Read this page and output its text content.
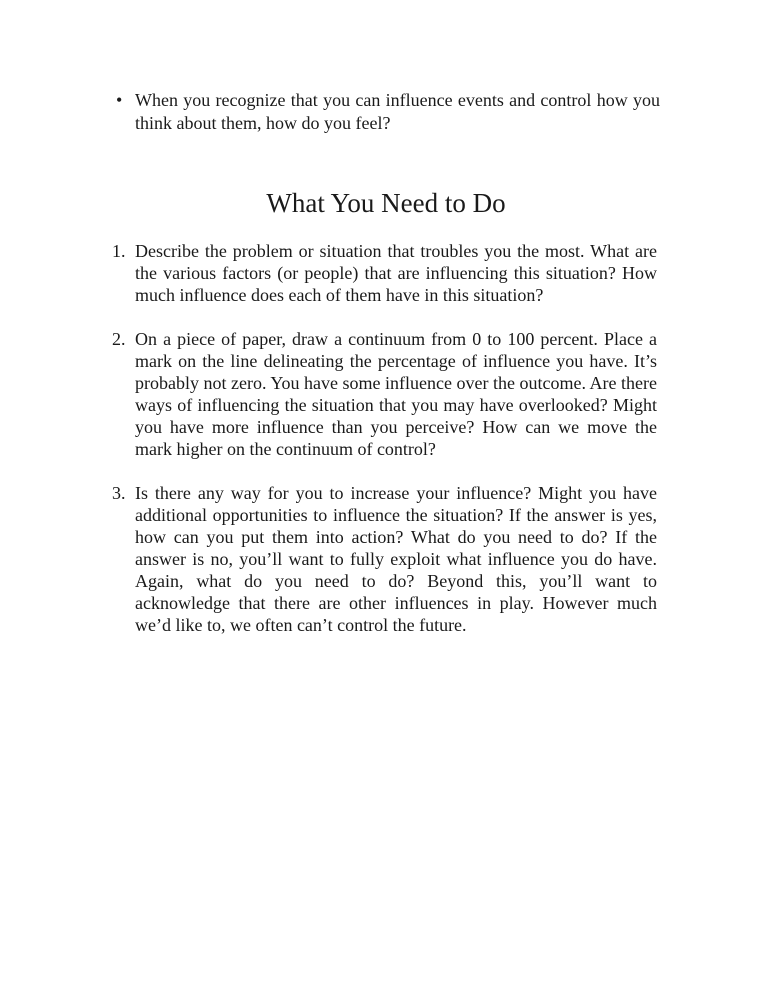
• When you recognize that you can influence events and control how you think about them, how do you feel?
What You Need to Do
1. Describe the problem or situation that troubles you the most. What are the various factors (or people) that are influencing this situation? How much influence does each of them have in this situation?
2. On a piece of paper, draw a continuum from 0 to 100 percent. Place a mark on the line delineating the percentage of influence you have. It’s probably not zero. You have some influence over the outcome. Are there ways of influencing the situation that you may have overlooked? Might you have more influence than you perceive? How can we move the mark higher on the continuum of control?
3. Is there any way for you to increase your influence? Might you have additional opportunities to influence the situation? If the answer is yes, how can you put them into action? What do you need to do? If the answer is no, you’ll want to fully exploit what influence you do have. Again, what do you need to do? Beyond this, you’ll want to acknowledge that there are other influences in play. However much we’d like to, we often can’t control the future.
